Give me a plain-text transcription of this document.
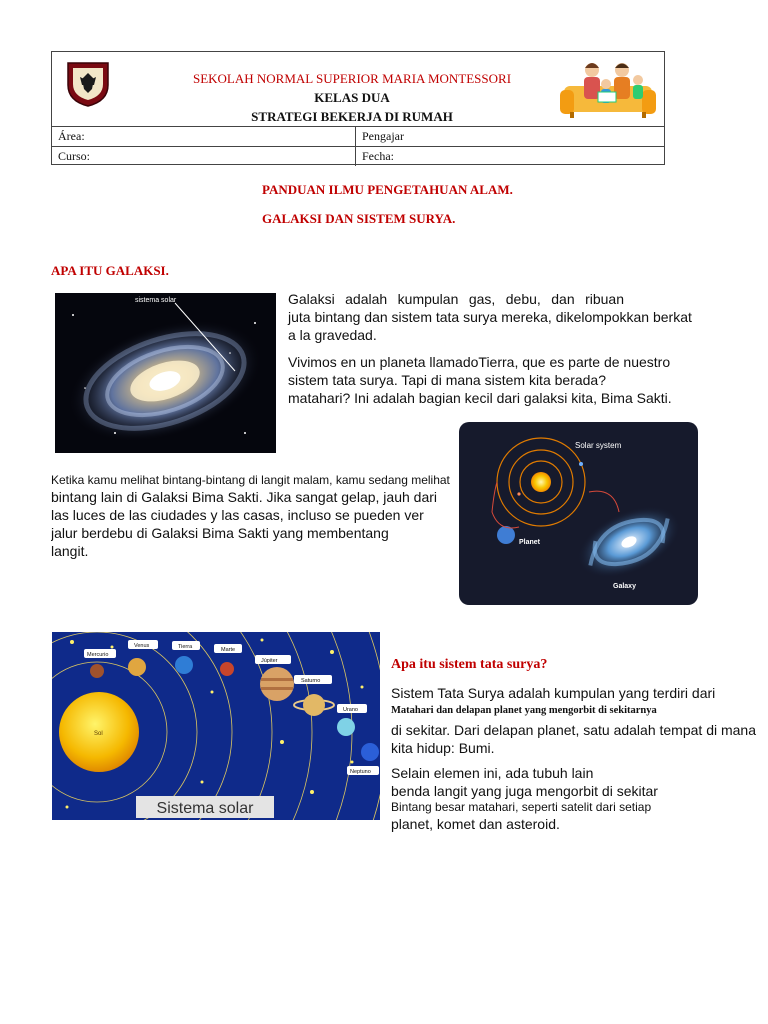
SEKOLAH NORMAL SUPERIOR MARIA MONTESSORI
KELAS DUA
STRATEGI BEKERJA DI RUMAH
Área:	Pengajar
Curso:	Fecha:
PANDUAN ILMU PENGETAHUAN ALAM.
GALAKSI DAN SISTEM SURYA.
APA ITU GALAKSI.
sistema solar	Galaksi adalah kumpulan gas, debu, dan ribuan
juta bintang dan sistem tata surya mereka, dikelompokkan berkat
a la gravedad.
Vivimos en un planeta llamadoTierra, que es parte de nuestro
sistem tata surya. Tapi di mana sistem kita berada?
matahari? Ini adalah bagian kecil dari galaksi kita, Bima Sakti.
Solar system
Planet
Galaxy
Ketika kamu melihat bintang-bintang di langit malam, kamu sedang melihat
bintang lain di Galaksi Bima Sakti. Jika sangat gelap, jauh dari
las luces de las ciudades y las casas, incluso se pueden ver
jalur berdebu di Galaksi Bima Sakti yang membentang
langit.
Sol
Mercurio
Venus	Tierra	Marte
Júpiter
Saturno
Urano
Neptuno
Sistema solar
Apa itu sistem tata surya?
Sistem Tata Surya adalah kumpulan yang terdiri dari
Matahari dan delapan planet yang mengorbit di sekitarnya
di sekitar. Dari delapan planet, satu adalah tempat di mana
kita hidup: Bumi.
Selain elemen ini, ada tubuh lain
benda langit yang juga mengorbit di sekitar
Bintang besar matahari, seperti satelit dari setiap
planet, komet dan asteroid.
